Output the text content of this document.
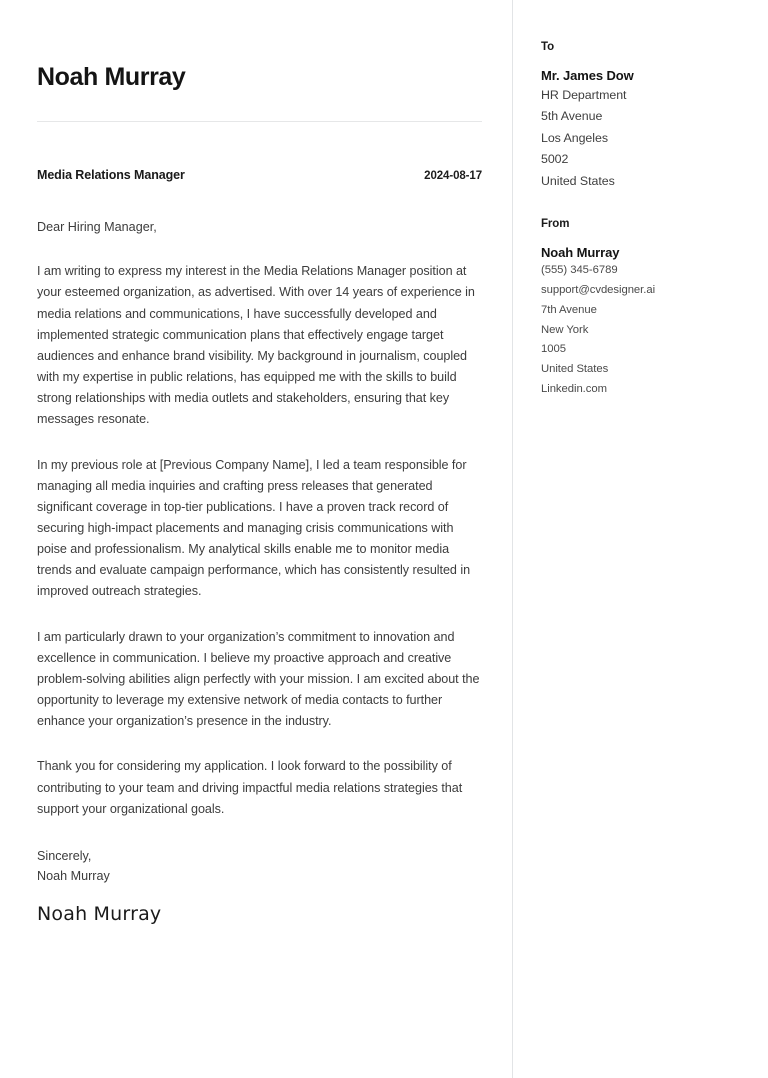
Noah Murray
Media Relations Manager	2024-08-17
Dear Hiring Manager,

I am writing to express my interest in the Media Relations Manager position at your esteemed organization, as advertised. With over 14 years of experience in media relations and communications, I have successfully developed and implemented strategic communication plans that effectively engage target audiences and enhance brand visibility. My background in journalism, coupled with my expertise in public relations, has equipped me with the skills to build strong relationships with media outlets and stakeholders, ensuring that key messages resonate.

In my previous role at [Previous Company Name], I led a team responsible for managing all media inquiries and crafting press releases that generated significant coverage in top-tier publications. I have a proven track record of securing high-impact placements and managing crisis communications with poise and professionalism. My analytical skills enable me to monitor media trends and evaluate campaign performance, which has consistently resulted in improved outreach strategies.

I am particularly drawn to your organization’s commitment to innovation and excellence in communication. I believe my proactive approach and creative problem-solving abilities align perfectly with your mission. I am excited about the opportunity to leverage my extensive network of media contacts to further enhance your organization’s presence in the industry.

Thank you for considering my application. I look forward to the possibility of contributing to your team and driving impactful media relations strategies that support your organizational goals.

Sincerely,
Noah Murray
Noah Murray
To
Mr. James Dow
HR Department
5th Avenue
Los Angeles
5002
United States
From
Noah Murray
(555) 345-6789
support@cvdesigner.ai
7th Avenue
New York
1005
United States
Linkedin.com
